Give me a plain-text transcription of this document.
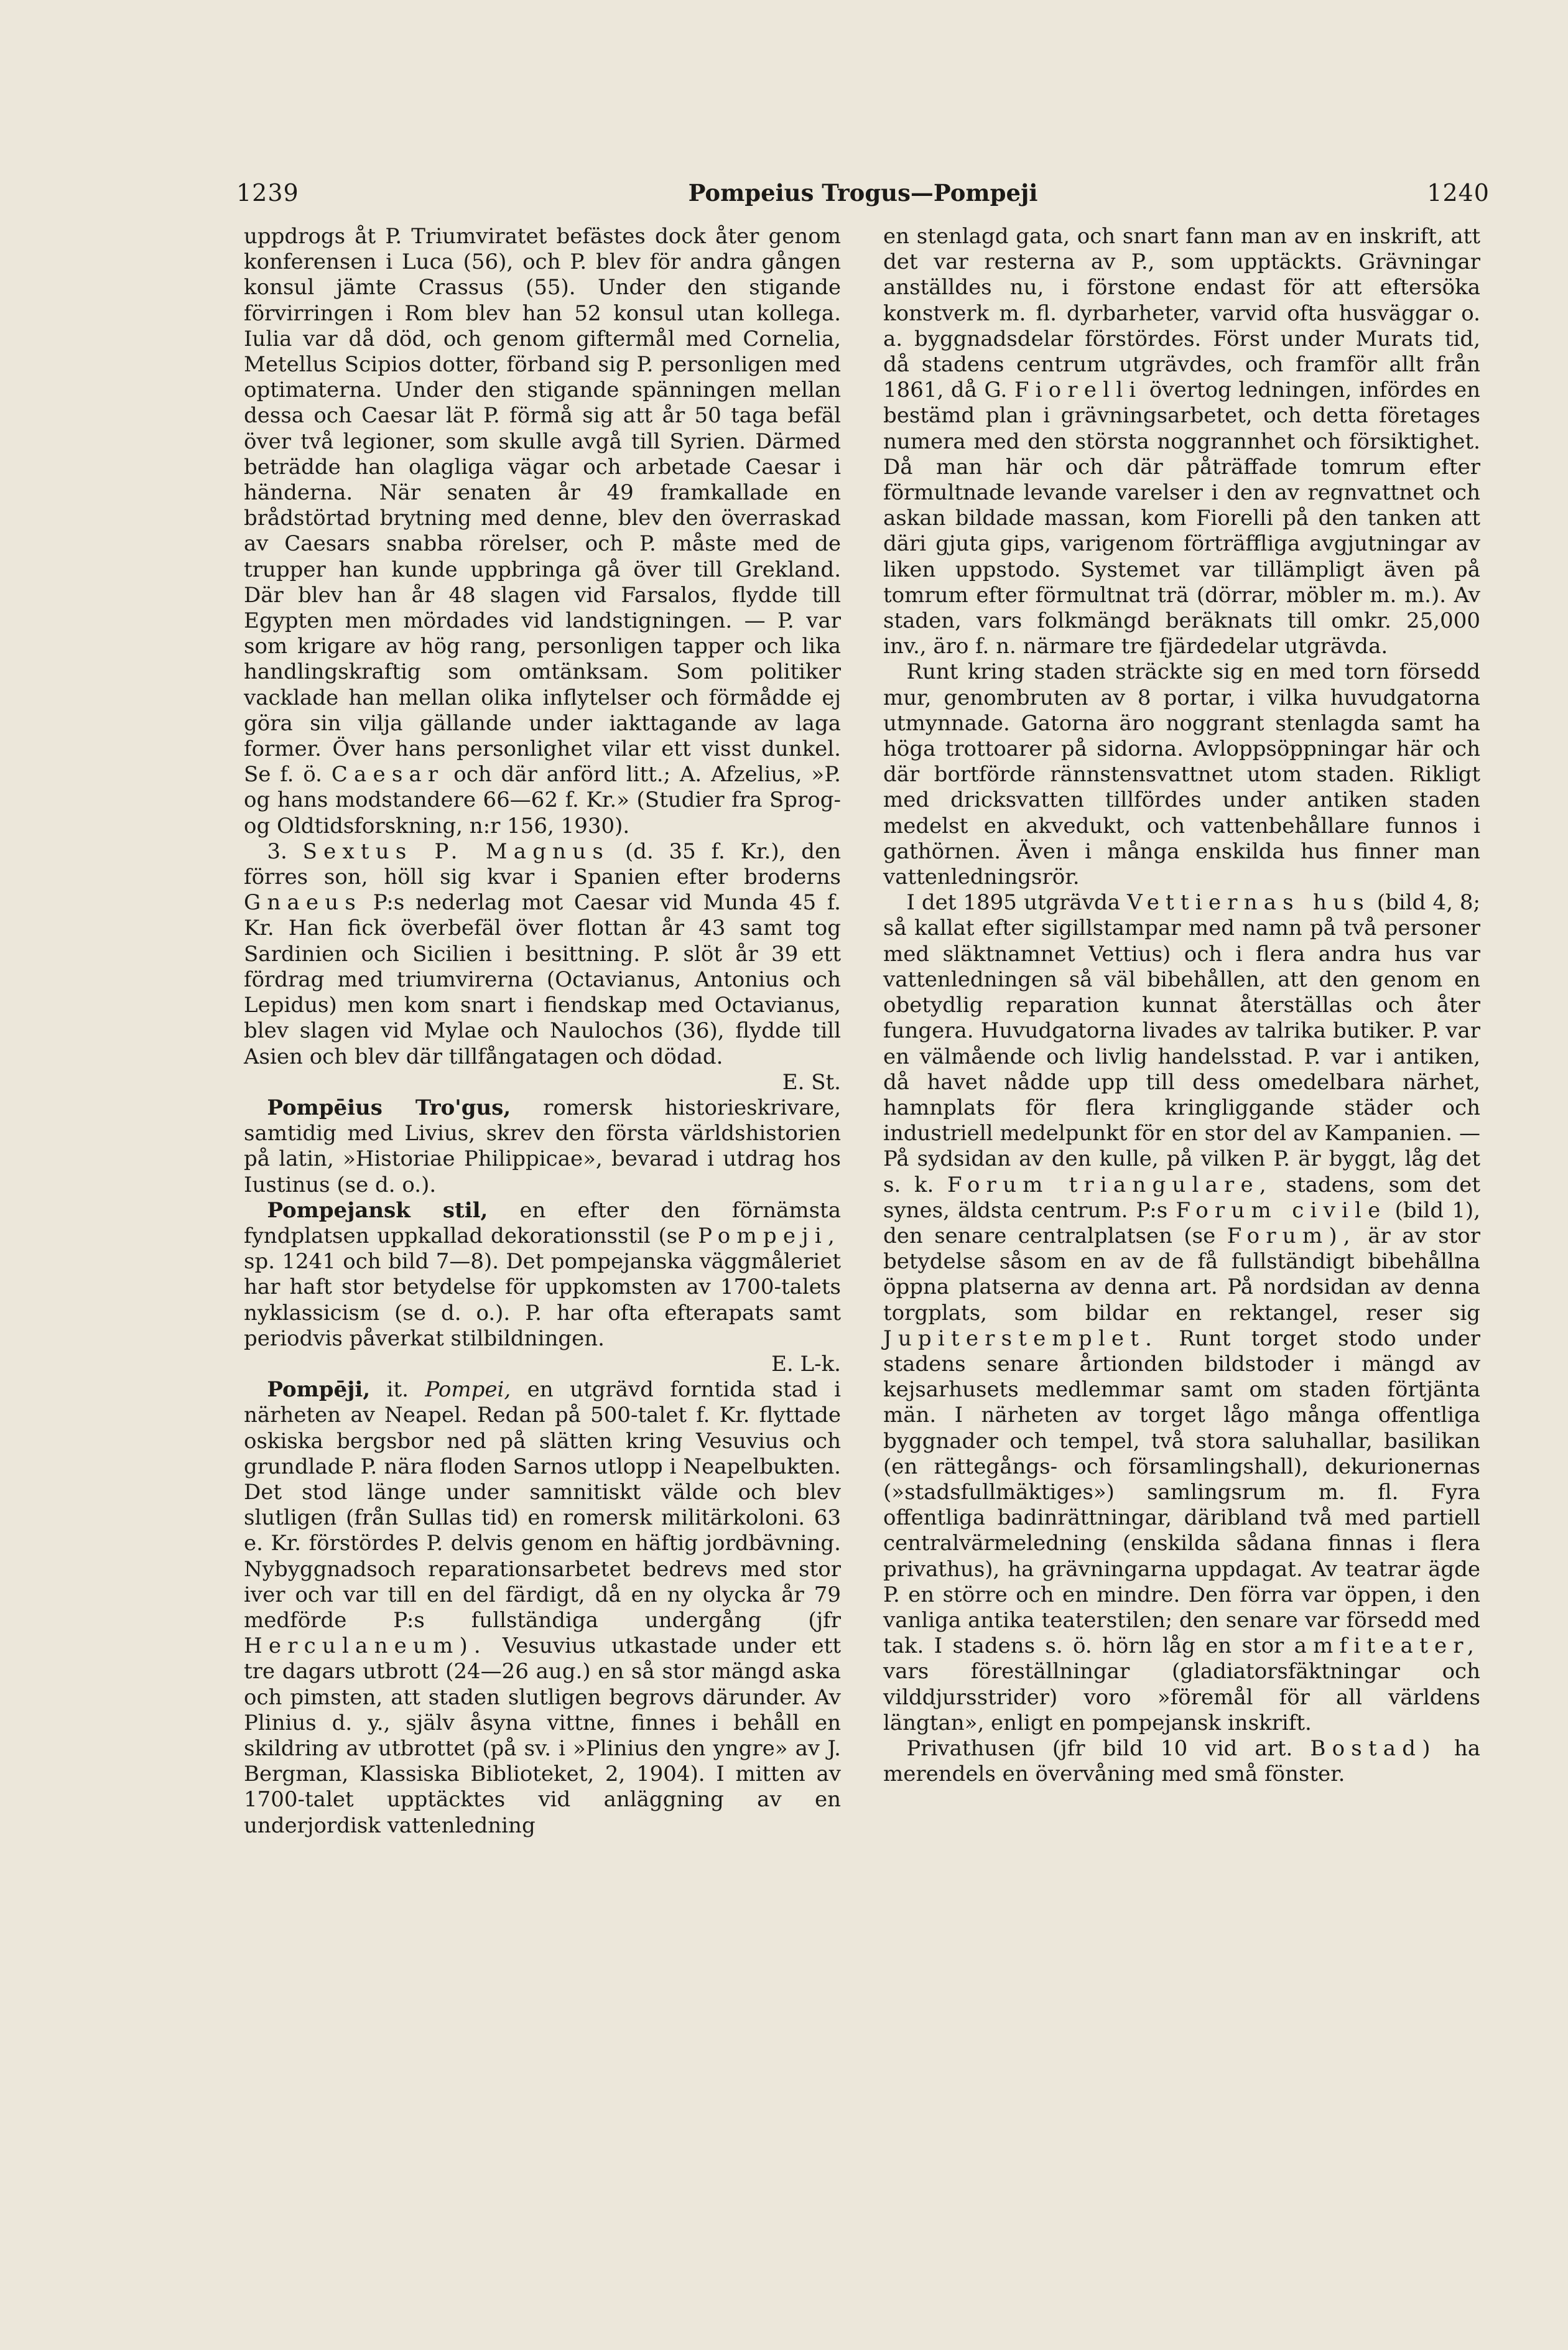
1239	Pompeius Trogus—Pompeji	1240

uppdrogs åt P. Triumviratet befästes dock åter genom konferensen i Luca (56), och P. blev för andra gången konsul jämte Crassus (55). Under den stigande förvirringen i Rom blev han 52 konsul utan kollega. Iulia var då död, och genom giftermål med Cornelia, Metellus Scipios dotter, förband sig P. personligen med optimaterna. Under den stigande spänningen mellan dessa och Caesar lät P. förmå sig att år 50 taga befäl över två legioner, som skulle avgå till Syrien. Därmed beträdde han olagliga vägar och arbetade Caesar i händerna. När senaten år 49 framkallade en brådstörtad brytning med denne, blev den överraskad av Caesars snabba rörelser, och P. måste med de trupper han kunde uppbringa gå över till Grekland. Där blev han år 48 slagen vid Farsalos, flydde till Egypten men mördades vid landstigningen. — P. var som krigare av hög rang, personligen tapper och lika handlingskraftig som omtänksam. Som politiker vacklade han mellan olika inflytelser och förmådde ej göra sin vilja gällande under iakttagande av laga former. Över hans personlighet vilar ett visst dunkel. Se f. ö. Caesar och där anförd litt.; A. Afzelius, »P. og hans modstandere 66—62 f. Kr.» (Studier fra Sprog- og Oldtidsforskning, n:r 156, 1930).

3. Sextus P. Magnus (d. 35 f. Kr.), den förres son, höll sig kvar i Spanien efter broderns Gnaeus P:s nederlag mot Caesar vid Munda 45 f. Kr. Han fick överbefäl över flottan år 43 samt tog Sardinien och Sicilien i besittning. P. slöt år 39 ett fördrag med triumvirerna (Octavianus, Antonius och Lepidus) men kom snart i fiendskap med Octavianus, blev slagen vid Mylae och Naulochos (36), flydde till Asien och blev där tillfångatagen och dödad.

E. St.

Pompēius Tro'gus, romersk historieskrivare, samtidig med Livius, skrev den första världshistorien på latin, »Historiae Philippicae», bevarad i utdrag hos Iustinus (se d. o.).

Pompejansk stil, en efter den förnämsta fyndplatsen uppkallad dekorationsstil (se Pompeji, sp. 1241 och bild 7—8). Det pompejanska väggmåleriet har haft stor betydelse för uppkomsten av 1700-talets nyklassicism (se d. o.). P. har ofta efterapats samt periodvis påverkat stilbildningen.

E. L-k.

Pompēji, it. Pompei, en utgrävd forntida stad i närheten av Neapel. Redan på 500-talet f. Kr. flyttade oskiska bergsbor ned på slätten kring Vesuvius och grundlade P. nära floden Sarnos utlopp i Neapelbukten. Det stod länge under samnitiskt välde och blev slutligen (från Sullas tid) en romersk militärkoloni. 63 e. Kr. förstördes P. delvis genom en häftig jordbävning. Nybyggnadsoch reparationsarbetet bedrevs med stor iver och var till en del färdigt, då en ny olycka år 79 medförde P:s fullständiga undergång (jfr Herculaneum). Vesuvius utkastade under ett tre dagars utbrott (24—26 aug.) en så stor mängd aska och pimsten, att staden slutligen begrovs därunder. Av Plinius d. y., själv åsyna vittne, finnes i behåll en skildring av utbrottet (på sv. i »Plinius den yngre» av J. Bergman, Klassiska Biblioteket, 2, 1904). I mitten av 1700-talet upptäcktes vid anläggning av en underjordisk vattenledning

en stenlagd gata, och snart fann man av en inskrift, att det var resterna av P., som upptäckts. Grävningar anställdes nu, i förstone endast för att eftersöka konstverk m. fl. dyrbarheter, varvid ofta husväggar o. a. byggnadsdelar förstördes. Först under Murats tid, då stadens centrum utgrävdes, och framför allt från 1861, då G. Fiorelli övertog ledningen, infördes en bestämd plan i grävningsarbetet, och detta företages numera med den största noggrannhet och försiktighet. Då man här och där påträffade tomrum efter förmultnade levande varelser i den av regnvattnet och askan bildade massan, kom Fiorelli på den tanken att däri gjuta gips, varigenom förträffliga avgjutningar av liken uppstodo. Systemet var tillämpligt även på tomrum efter förmultnat trä (dörrar, möbler m. m.). Av staden, vars folkmängd beräknats till omkr. 25,000 inv., äro f. n. närmare tre fjärdedelar utgrävda.

Runt kring staden sträckte sig en med torn försedd mur, genombruten av 8 portar, i vilka huvudgatorna utmynnade. Gatorna äro noggrant stenlagda samt ha höga trottoarer på sidorna. Avloppsöppningar här och där bortförde rännstensvattnet utom staden. Rikligt med dricksvatten tillfördes under antiken staden medelst en akvedukt, och vattenbehållare funnos i gathörnen. Även i många enskilda hus finner man vattenledningsrör.

I det 1895 utgrävda Vettiernas hus (bild 4, 8; så kallat efter sigillstampar med namn på två personer med släktnamnet Vettius) och i flera andra hus var vattenledningen så väl bibehållen, att den genom en obetydlig reparation kunnat återställas och åter fungera. Huvudgatorna livades av talrika butiker. P. var en välmående och livlig handelsstad. P. var i antiken, då havet nådde upp till dess omedelbara närhet, hamnplats för flera kringliggande städer och industriell medelpunkt för en stor del av Kampanien. — På sydsidan av den kulle, på vilken P. är byggt, låg det s. k. Forum triangulare, stadens, som det synes, äldsta centrum. P:s Forum civile (bild 1), den senare centralplatsen (se Forum), är av stor betydelse såsom en av de få fullständigt bibehållna öppna platserna av denna art. På nordsidan av denna torgplats, som bildar en rektangel, reser sig Jupiterstemplet. Runt torget stodo under stadens senare årtionden bildstoder i mängd av kejsarhusets medlemmar samt om staden förtjänta män. I närheten av torget lågo många offentliga byggnader och tempel, två stora saluhallar, basilikan (en rättegångs- och församlingshall), dekurionernas (»stadsfullmäktiges») samlingsrum m. fl. Fyra offentliga badinrättningar, däribland två med partiell centralvärmeledning (enskilda sådana finnas i flera privathus), ha grävningarna uppdagat. Av teatrar ägde P. en större och en mindre. Den förra var öppen, i den vanliga antika teaterstilen; den senare var försedd med tak. I stadens s. ö. hörn låg en stor amfiteater, vars föreställningar (gladiatorsfäktningar och vilddjursstrider) voro »föremål för all världens längtan», enligt en pompejansk inskrift.

Privathusen (jfr bild 10 vid art. Bostad) ha merendels en övervåning med små fönster.
